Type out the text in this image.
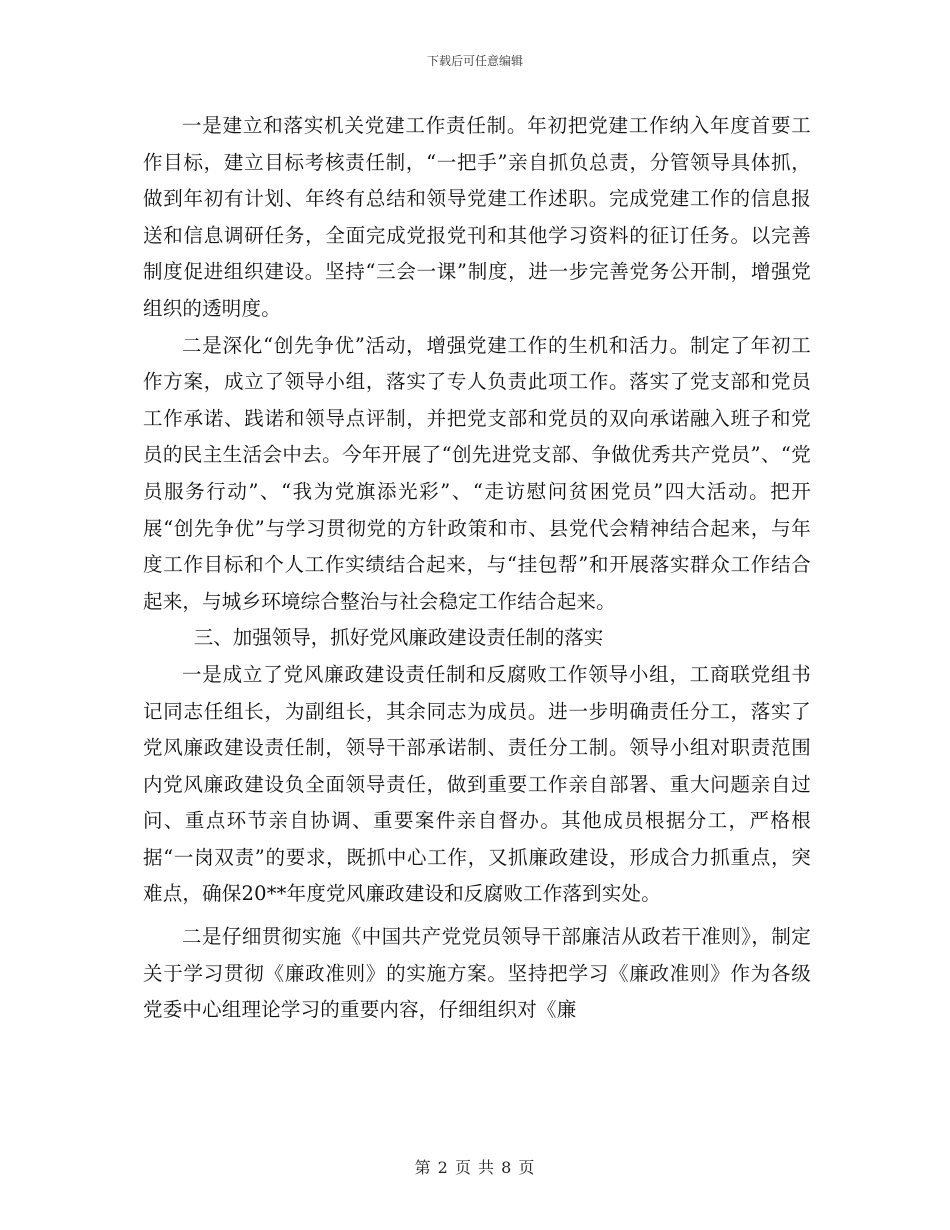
下载后可任意编辑

一是建立和落实机关党建工作责任制。年初把党建工作纳入年度首要工作目标，建立目标考核责任制，“一把手”亲自抓负总责，分管领导具体抓，做到年初有计划、年终有总结和领导党建工作述职。完成党建工作的信息报送和信息调研任务，全面完成党报党刊和其他学习资料的征订任务。以完善制度促进组织建设。坚持“三会一课”制度，进一步完善党务公开制，增强党组织的透明度。

二是深化“创先争优”活动，增强党建工作的生机和活力。制定了年初工作方案，成立了领导小组，落实了专人负责此项工作。落实了党支部和党员工作承诺、践诺和领导点评制，并把党支部和党员的双向承诺融入班子和党员的民主生活会中去。今年开展了“创先进党支部、争做优秀共产党员”、“党员服务行动”、“我为党旗添光彩”、“走访慰问贫困党员”四大活动。把开展“创先争优”与学习贯彻党的方针政策和市、县党代会精神结合起来，与年度工作目标和个人工作实绩结合起来，与“挂包帮”和开展落实群众工作结合起来，与城乡环境综合整治与社会稳定工作结合起来。

三、加强领导，抓好党风廉政建设责任制的落实

一是成立了党风廉政建设责任制和反腐败工作领导小组，工商联党组书记同志任组长，为副组长，其余同志为成员。进一步明确责任分工，落实了党风廉政建设责任制，领导干部承诺制、责任分工制。领导小组对职责范围内党风廉政建设负全面领导责任，做到重要工作亲自部署、重大问题亲自过问、重点环节亲自协调、重要案件亲自督办。其他成员根据分工，严格根据“一岗双责”的要求，既抓中心工作，又抓廉政建设，形成合力抓重点，突难点，确保20**年度党风廉政建设和反腐败工作落到实处。

二是仔细贯彻实施《中国共产党党员领导干部廉洁从政若干准则》，制定关于学习贯彻《廉政准则》的实施方案。坚持把学习《廉政准则》作为各级党委中心组理论学习的重要内容，仔细组织对《廉

第 2 页 共 8 页
